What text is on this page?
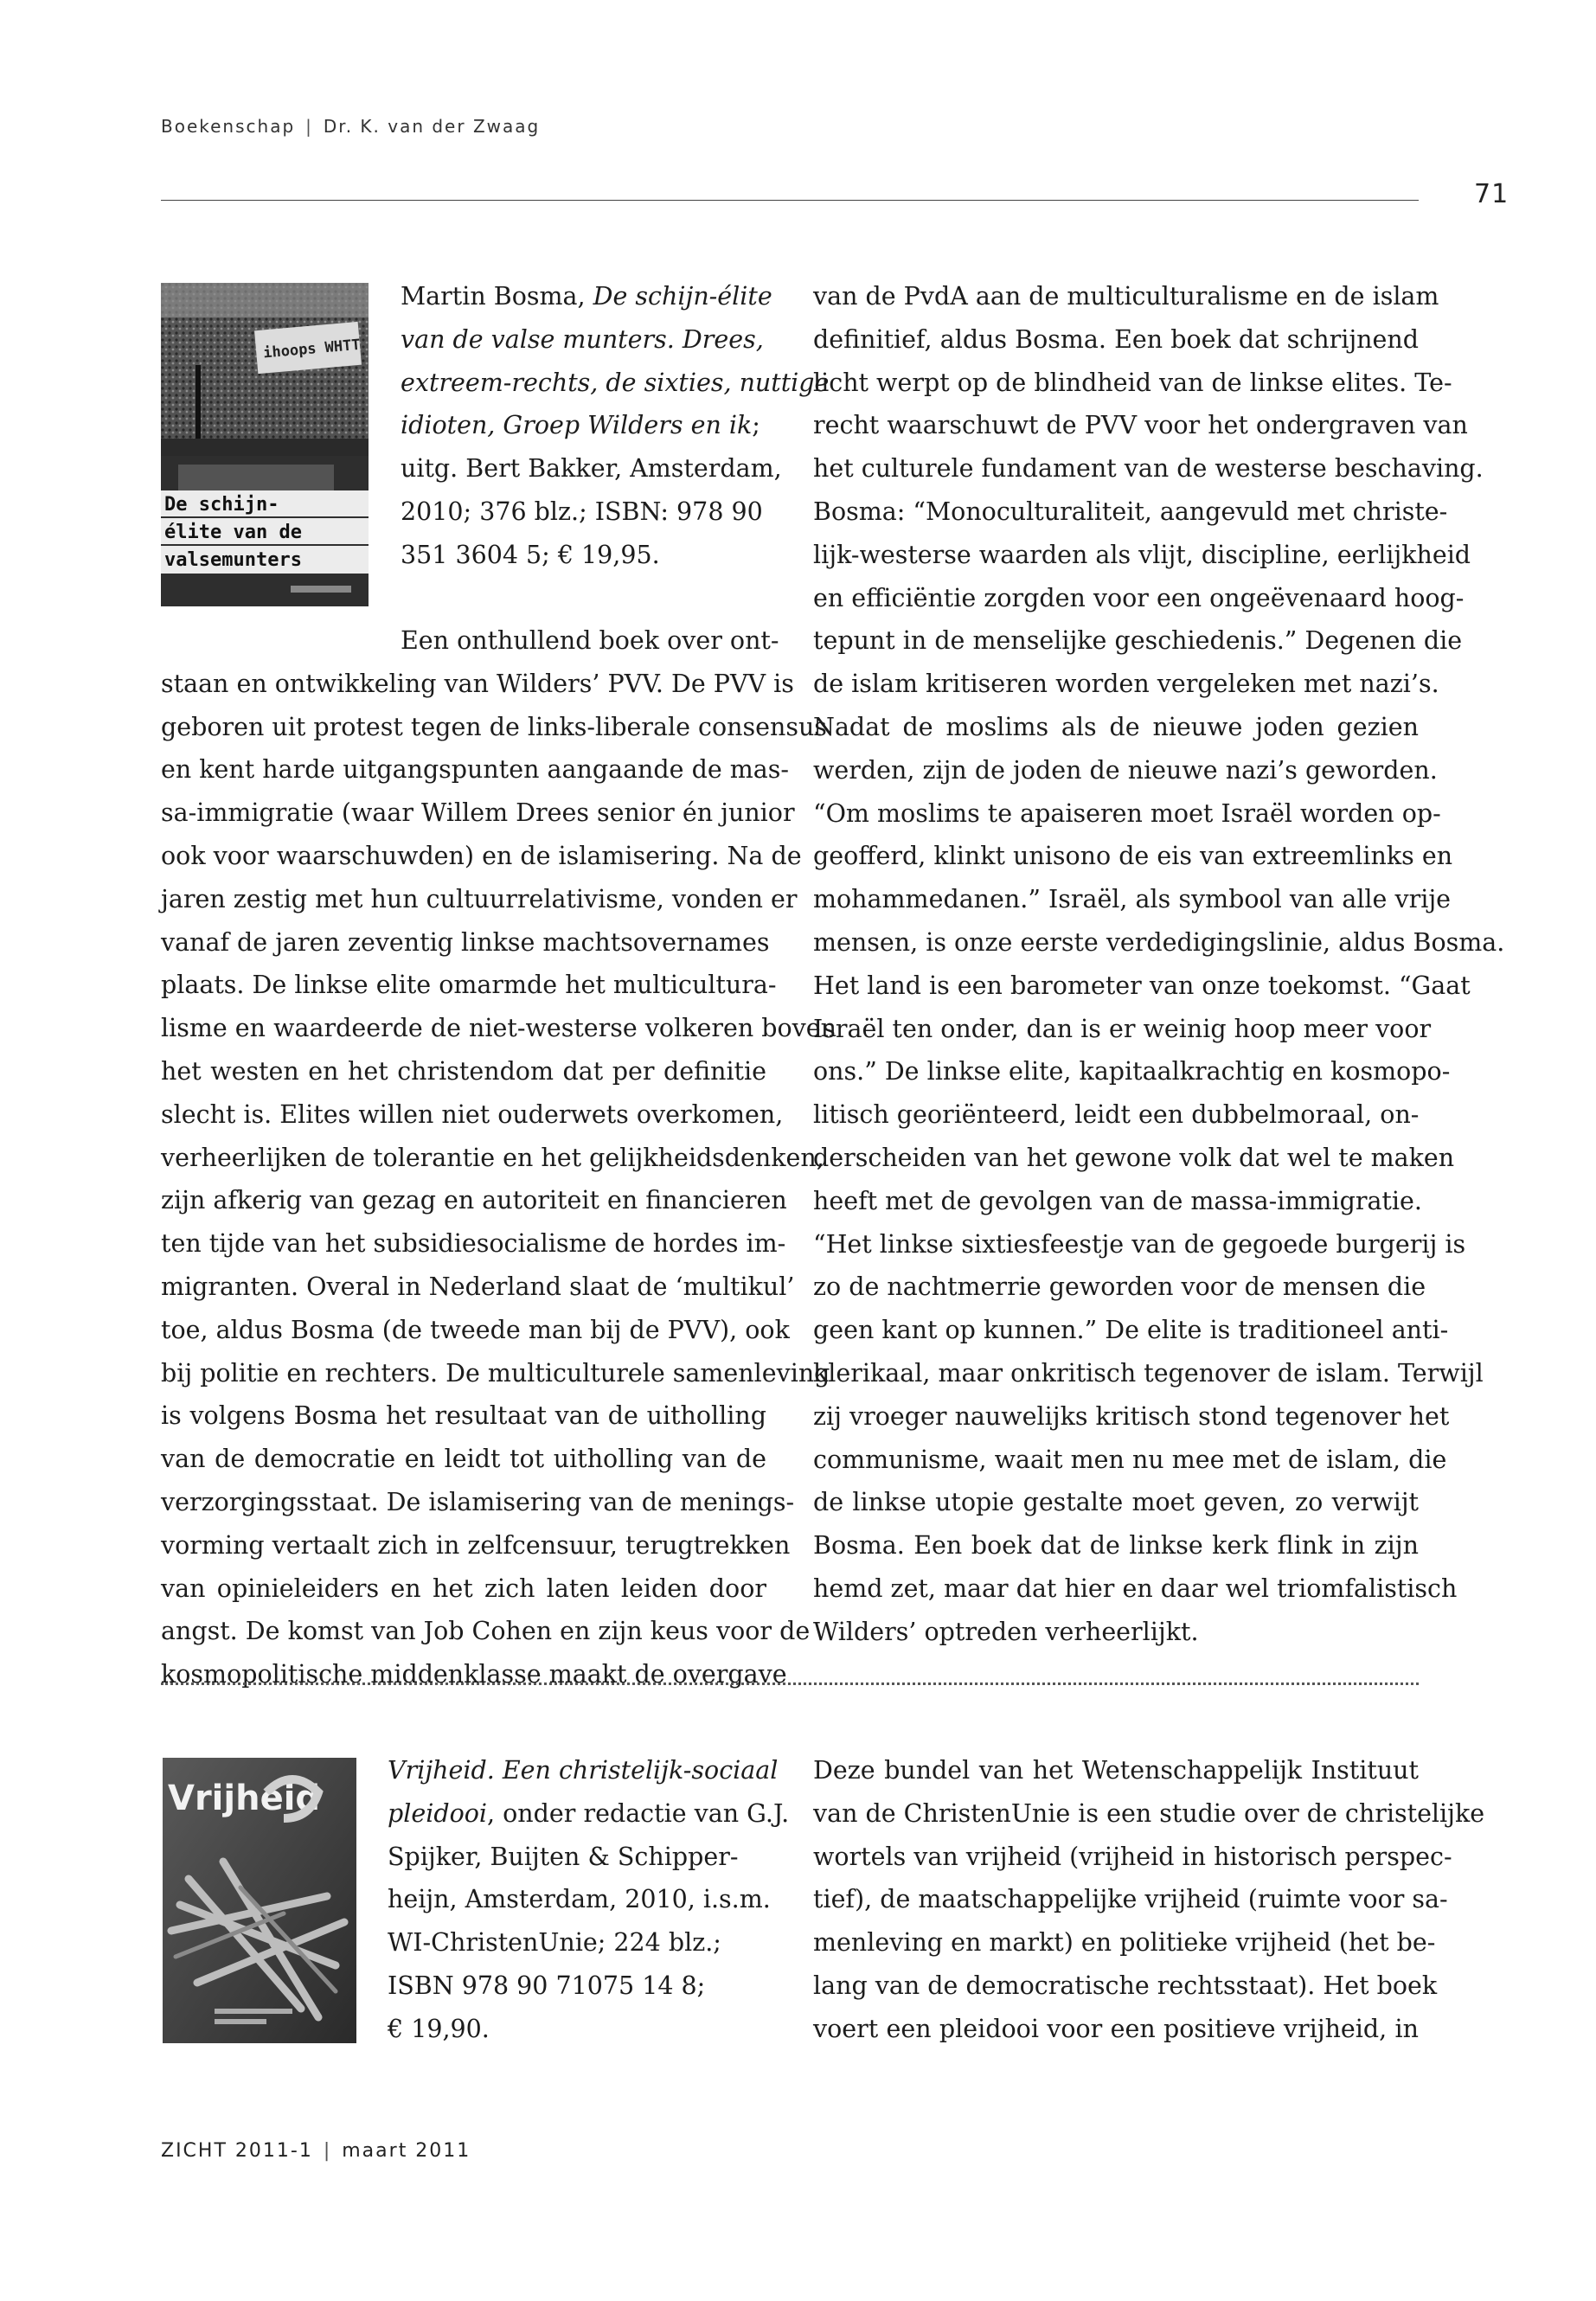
Boekenschap | Dr. K. van der Zwaag
71
ihoops WHTT
De schijn-
élite van de
valsemunters
Martin Bosma, De schijn-élite
van de valse munters. Drees,
extreem-rechts, de sixties, nuttige
idioten, Groep Wilders en ik;
uitg. Bert Bakker, Amsterdam,
2010; 376 blz.; ISBN: 978 90
351 3604 5; € 19,95.
Een onthullend boek over ont-
staan en ontwikkeling van Wilders’ PVV. De PVV is
geboren uit protest tegen de links-liberale consensus
en kent harde uitgangspunten aangaande de mas-
sa-immigratie (waar Willem Drees senior én junior
ook voor waarschuwden) en de islamisering. Na de
jaren zestig met hun cultuurrelativisme, vonden er
vanaf de jaren zeventig linkse machtsovernames
plaats. De linkse elite omarmde het multicultura-
lisme en waardeerde de niet-westerse volkeren boven
het westen en het christendom dat per definitie
slecht is. Elites willen niet ouderwets overkomen,
verheerlijken de tolerantie en het gelijkheidsdenken,
zijn afkerig van gezag en autoriteit en financieren
ten tijde van het subsidiesocialisme de hordes im-
migranten. Overal in Nederland slaat de ‘multikul’
toe, aldus Bosma (de tweede man bij de PVV), ook
bij politie en rechters. De multiculturele samenleving
is volgens Bosma het resultaat van de uitholling
van de democratie en leidt tot uitholling van de
verzorgingsstaat. De islamisering van de menings-
vorming vertaalt zich in zelfcensuur, terugtrekken
van opinieleiders en het zich laten leiden door
angst. De komst van Job Cohen en zijn keus voor de
kosmopolitische middenklasse maakt de overgave
van de PvdA aan de multiculturalisme en de islam
definitief, aldus Bosma. Een boek dat schrijnend
licht werpt op de blindheid van de linkse elites. Te-
recht waarschuwt de PVV voor het ondergraven van
het culturele fundament van de westerse beschaving.
Bosma: “Monoculturaliteit, aangevuld met christe-
lijk-westerse waarden als vlijt, discipline, eerlijkheid
en efficiëntie zorgden voor een ongeëvenaard hoog-
tepunt in de menselijke geschiedenis.” Degenen die
de islam kritiseren worden vergeleken met nazi’s.
Nadat de moslims als de nieuwe joden gezien
werden, zijn de joden de nieuwe nazi’s geworden.
“Om moslims te apaiseren moet Israël worden op-
geofferd, klinkt unisono de eis van extreemlinks en
mohammedanen.” Israël, als symbool van alle vrije
mensen, is onze eerste verdedigingslinie, aldus Bosma.
Het land is een barometer van onze toekomst. “Gaat
Israël ten onder, dan is er weinig hoop meer voor
ons.” De linkse elite, kapitaalkrachtig en kosmopo-
litisch georiënteerd, leidt een dubbelmoraal, on-
derscheiden van het gewone volk dat wel te maken
heeft met de gevolgen van de massa-immigratie.
“Het linkse sixtiesfeestje van de gegoede burgerij is
zo de nachtmerrie geworden voor de mensen die
geen kant op kunnen.” De elite is traditioneel anti-
klerikaal, maar onkritisch tegenover de islam. Terwijl
zij vroeger nauwelijks kritisch stond tegenover het
communisme, waait men nu mee met de islam, die
de linkse utopie gestalte moet geven, zo verwijt
Bosma. Een boek dat de linkse kerk flink in zijn
hemd zet, maar dat hier en daar wel triomfalistisch
Wilders’ optreden verheerlijkt.
Vrijheid
Vrijheid. Een christelijk-sociaal
pleidooi, onder redactie van G.J.
Spijker, Buijten & Schipper-
heijn, Amsterdam, 2010, i.s.m.
WI-ChristenUnie; 224 blz.;
ISBN 978 90 71075 14 8;
€ 19,90.
Deze bundel van het Wetenschappelijk Instituut
van de ChristenUnie is een studie over de christelijke
wortels van vrijheid (vrijheid in historisch perspec-
tief), de maatschappelijke vrijheid (ruimte voor sa-
menleving en markt) en politieke vrijheid (het be-
lang van de democratische rechtsstaat). Het boek
voert een pleidooi voor een positieve vrijheid, in
ZICHT 2011-1 | maart 2011
